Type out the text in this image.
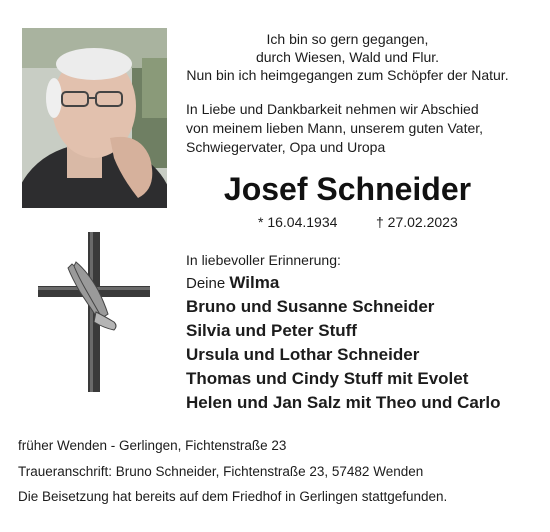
Ich bin so gern gegangen,
durch Wiesen, Wald und Flur.
Nun bin ich heimgegangen zum Schöpfer der Natur.
In Liebe und Dankbarkeit nehmen wir Abschied
von meinem lieben Mann, unserem guten Vater,
Schwiegervater, Opa und Uropa
Josef Schneider
* 16.04.1934	† 27.02.2023
In liebevoller Erinnerung:
Deine Wilma
Bruno und Susanne Schneider
Silvia und Peter Stuff
Ursula und Lothar Schneider
Thomas und Cindy Stuff mit Evolet
Helen und Jan Salz mit Theo und Carlo
früher Wenden - Gerlingen, Fichtenstraße 23
Traueranschrift: Bruno Schneider, Fichtenstraße 23, 57482 Wenden
Die Beisetzung hat bereits auf dem Friedhof in Gerlingen stattgefunden.
